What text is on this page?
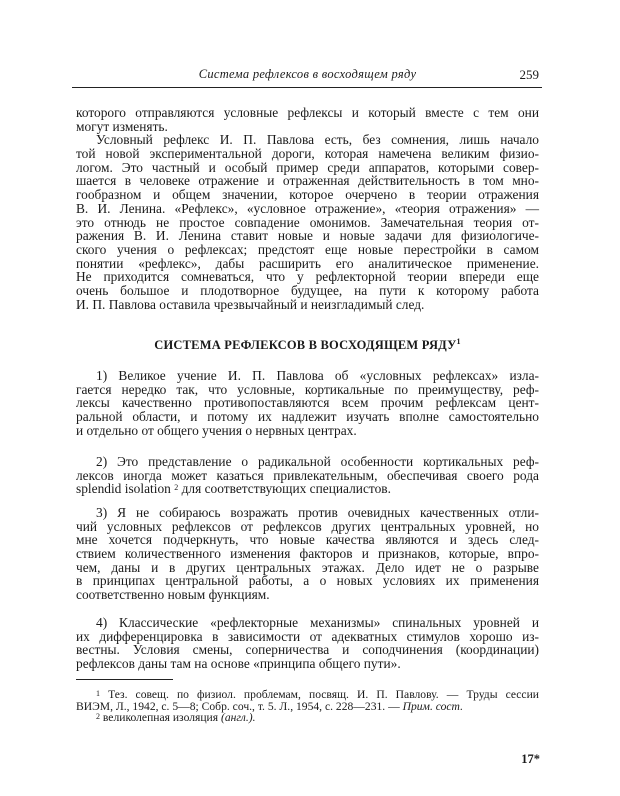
Система рефлексов в восходящем ряду	259
которого отправляются условные рефлексы и который вместе с тем они
могут изменять.
Условный рефлекс И. П. Павлова есть, без сомнения, лишь начало
той новой экспериментальной дороги, которая намечена великим физио-
логом. Это частный и особый пример среди аппаратов, которыми совер-
шается в человеке отражение и отраженная действительность в том мно-
гообразном и общем значении, которое очерчено в теории отражения
В. И. Ленина. «Рефлекс», «условное отражение», «теория отражения» —
это отнюдь не простое совпадение омонимов. Замечательная теория от-
ражения В. И. Ленина ставит новые и новые задачи для физиологиче-
ского учения о рефлексах; предстоят еще новые перестройки в самом
понятии «рефлекс», дабы расширить его аналитическое применение.
Не приходится сомневаться, что у рефлекторной теории впереди еще
очень большое и плодотворное будущее, на пути к которому работа
И. П. Павлова оставила чрезвычайный и неизгладимый след.
СИСТЕМА РЕФЛЕКСОВ В ВОСХОДЯЩЕМ РЯДУ$^1$
1) Великое учение И. П. Павлова об «условных рефлексах» изла-
гается нередко так, что условные, кортикальные по преимуществу, реф-
лексы качественно противопоставляются всем прочим рефлексам цент-
ральной области, и потому их надлежит изучать вполне самостоятельно
и отдельно от общего учения о нервных центрах.
2) Это представление о радикальной особенности кортикальных реф-
лексов иногда может казаться привлекательным, обеспечивая своего рода
splendid isolation $^2$ для соответствующих специалистов.
3) Я не собираюсь возражать против очевидных качественных отли-
чий условных рефлексов от рефлексов других центральных уровней, но
мне хочется подчеркнуть, что новые качества являются и здесь след-
ствием количественного изменения факторов и признаков, которые, впро-
чем, даны и в других центральных этажах. Дело идет не о разрыве
в принципах центральной работы, а о новых условиях их применения
соответственно новым функциям.
4) Классические «рефлекторные механизмы» спинальных уровней и
их дифференцировка в зависимости от адекватных стимулов хорошо из-
вестны. Условия смены, соперничества и соподчинения (координации)
рефлексов даны там на основе «принципа общего пути».
$^1$ Тез. совещ. по физиол. проблемам, посвящ. И. П. Павлову. — Труды сессии
ВИЭМ, Л., 1942, с. 5—8; Собр. соч., т. 5. Л., 1954, с. 228—231. — Прим. сост.
$^2$ великолепная изоляция (англ.).
17*
